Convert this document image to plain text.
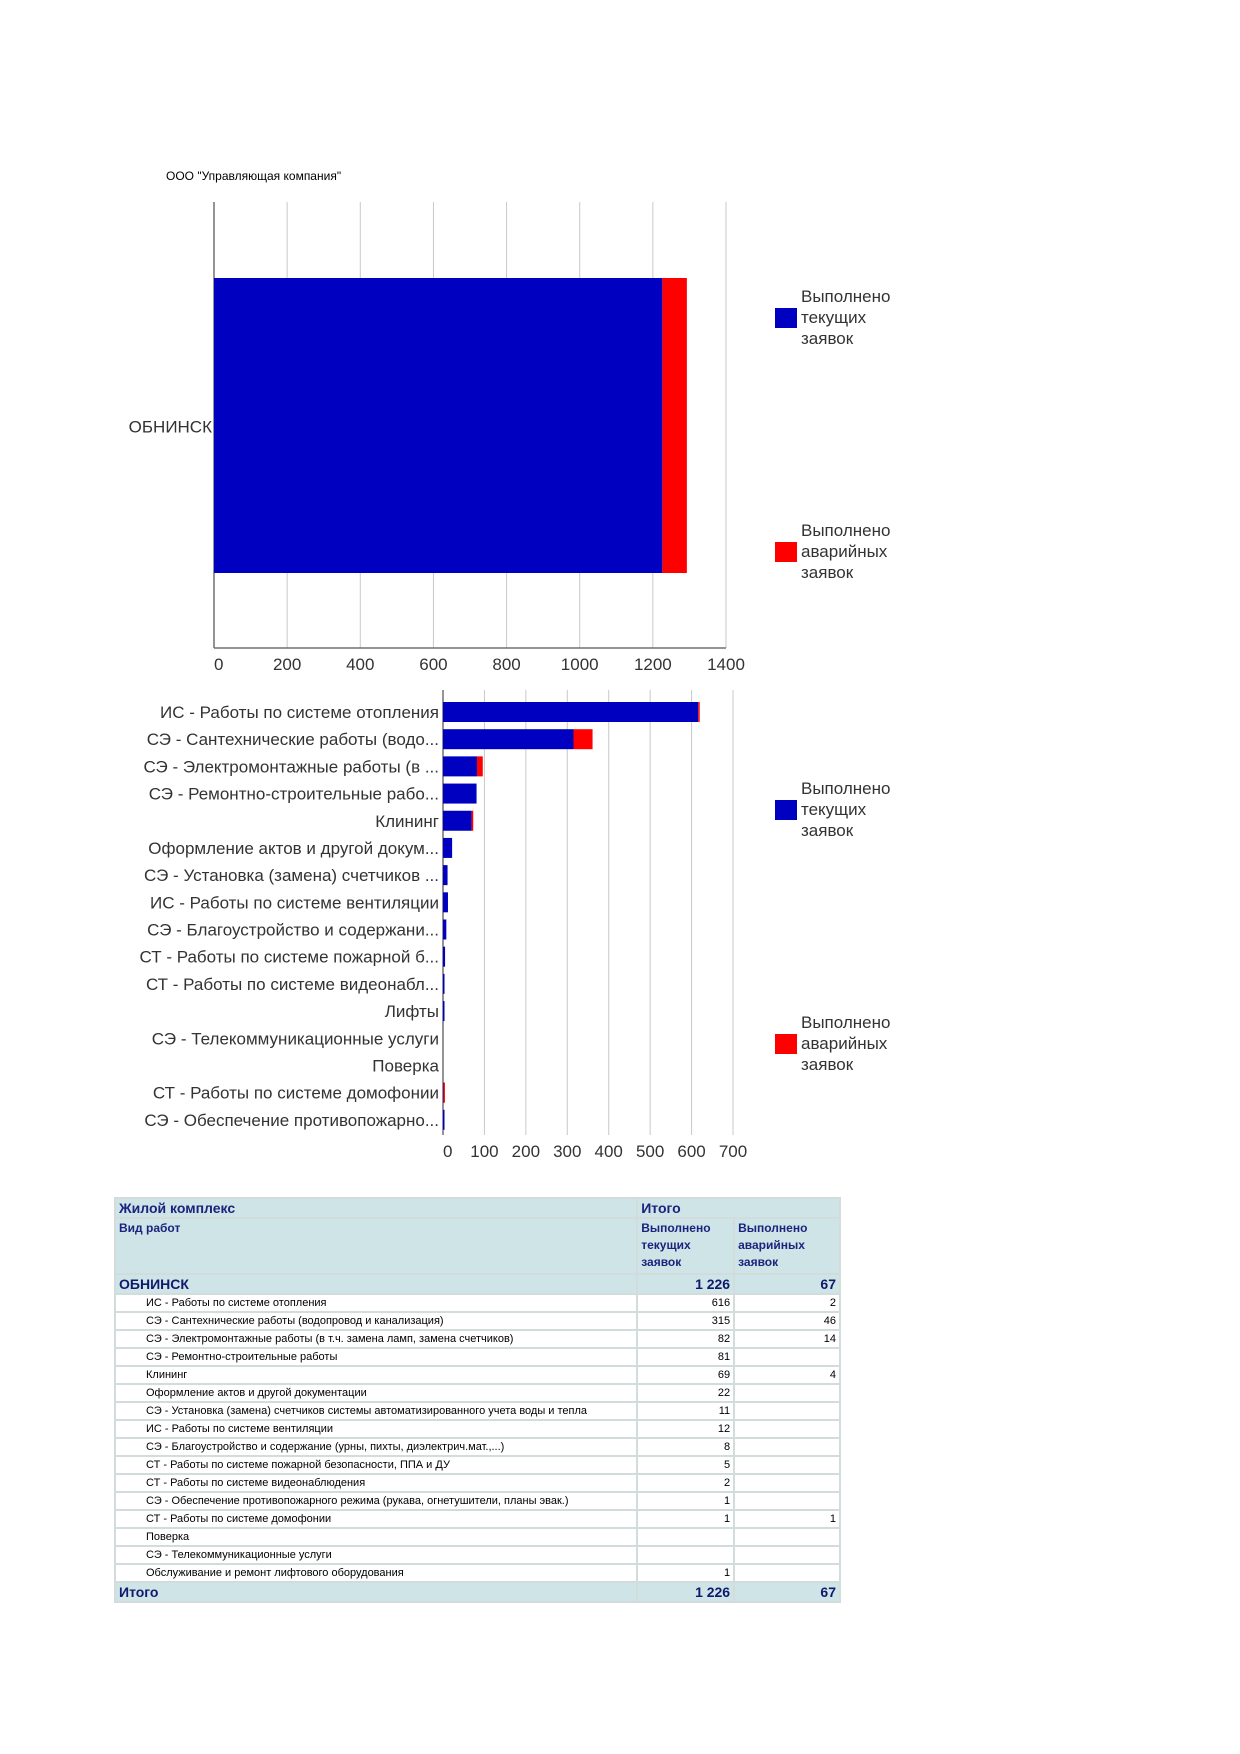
ООО "Управляющая компания"
0	200	400	600	800 1000 1200 1400
ОБНИНСК
Выполнено текущих заявок
Выполнено аварийных заявок
0 100 200 300 400 500 600 700
ИС - Работы по системе отопления
СЭ - Сантехнические работы (водо...
СЭ - Электромонтажные работы (в ...
СЭ - Ремонтно-строительные рабо...
Клининг
Оформление актов и другой докум...
СЭ - Установка (замена) счетчиков ...
ИС - Работы по системе вентиляции
СЭ - Благоустройство и содержани...
СТ - Работы по системе пожарной б...
СТ - Работы по системе видеонабл...
Лифты
СЭ - Телекоммуникационные услуги
Поверка
СТ - Работы по системе домофонии
СЭ - Обеспечение противопожарно...
Выполнено текущих заявок
Выполнено аварийных заявок
Жилой комплекс	Итого	
Вид работ	Выполнено текущих заявок	Выполнено аварийных заявок
ОБНИНСК	1 226	67
ИС - Работы по системе отопления	616	2
СЭ - Сантехнические работы (водопровод и канализация)	315	46
СЭ - Электромонтажные работы (в т.ч. замена ламп, замена счетчиков)	82	14
СЭ - Ремонтно-строительные работы	81	
Клининг	69	4
Оформление актов и другой документации	22	
СЭ - Установка (замена) счетчиков системы автоматизированного учета воды и тепла	11	
ИС - Работы по системе вентиляции	12	
СЭ - Благоустройство и содержание (урны, пихты, диэлектрич.мат.,...)	8	
СТ - Работы по системе пожарной безопасности, ППА и ДУ	5	
СТ - Работы по системе видеонаблюдения	2	
СЭ - Обеспечение противопожарного режима (рукава, огнетушители, планы эвак.)	1	
СТ - Работы по системе домофонии	1	1
Поверка		
СЭ - Телекоммуникационные услуги		
Обслуживание и ремонт лифтового оборудования	1	
Итого	1 226	67
